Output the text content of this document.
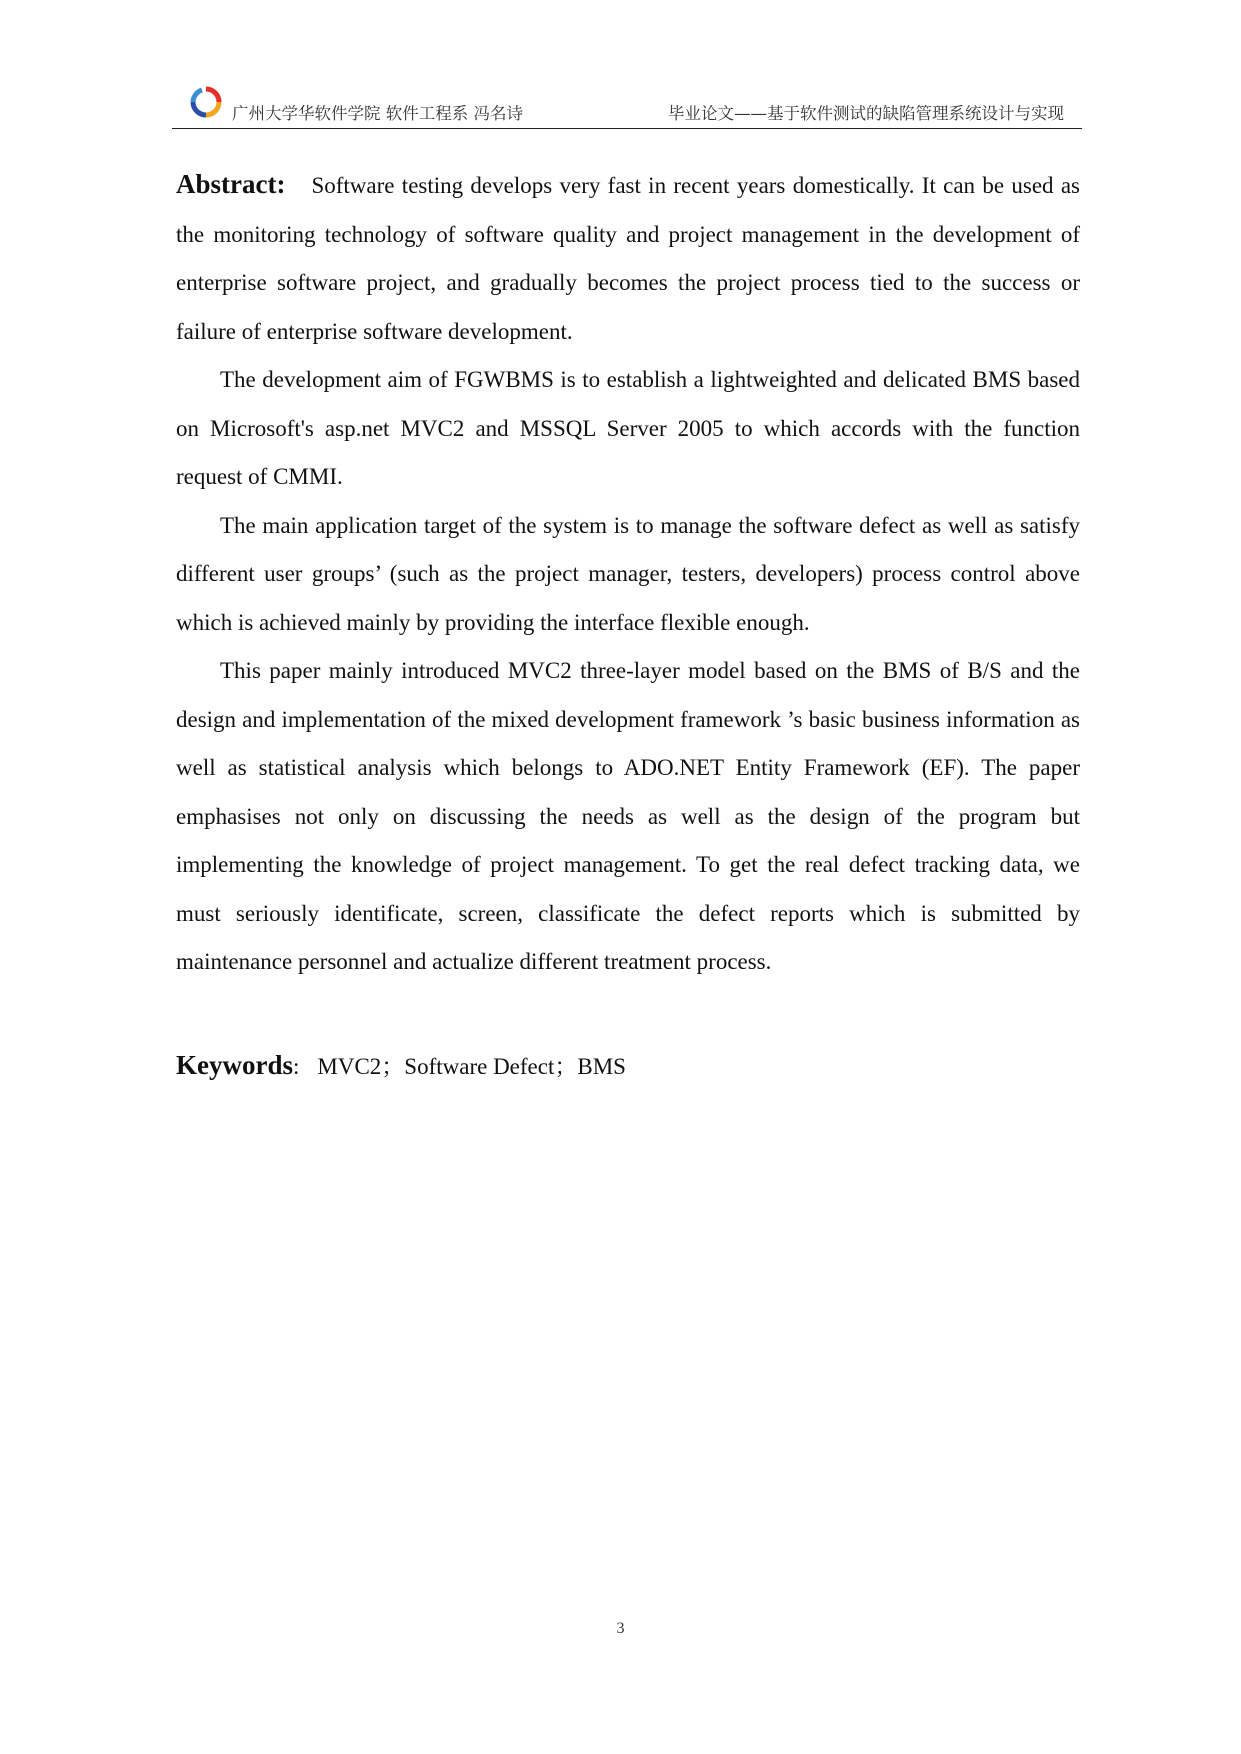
广州大学华软件学院 软件工程系 冯名诗	毕业论文——基于软件测试的缺陷管理系统设计与实现

Abstract: Software testing develops very fast in recent years domestically. It can be used as the monitoring technology of software quality and project management in the development of enterprise software project, and gradually becomes the project process tied to the success or failure of enterprise software development.

The development aim of FGWBMS is to establish a lightweighted and delicated BMS based on Microsoft's asp.net MVC2 and MSSQL Server 2005 to which accords with the function request of CMMI.

The main application target of the system is to manage the software defect as well as satisfy different user groups’ (such as the project manager, testers, developers) process control above which is achieved mainly by providing the interface flexible enough.

This paper mainly introduced MVC2 three-layer model based on the BMS of B/S and the design and implementation of the mixed development framework ’s basic business information as well as statistical analysis which belongs to ADO.NET Entity Framework (EF). The paper emphasises not only on discussing the needs as well as the design of the program but implementing the knowledge of project management. To get the real defect tracking data, we must seriously identificate, screen, classificate the defect reports which is submitted by maintenance personnel and actualize different treatment process.

Keywords: MVC2；Software Defect；BMS
3
